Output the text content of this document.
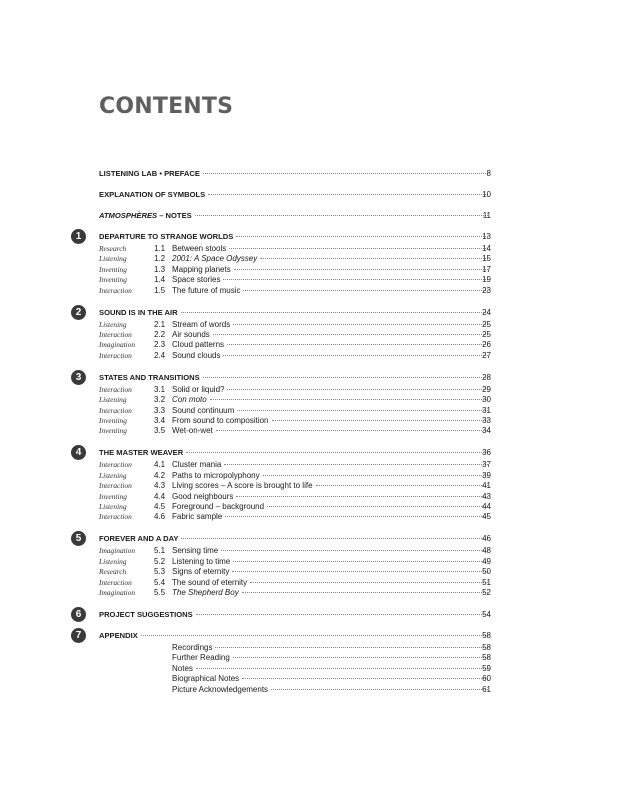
CONTENTS
LISTENING LAB • PREFACE	8
EXPLANATION OF SYMBOLS	10
ATMOSPHÈRES – NOTES	11
1	DEPARTURE TO STRANGE WORLDS	13
Research	1.1 Between stools	14
Listening	1.2 2001: A Space Odyssey	15
Inventing	1.3 Mapping planets	17
Inventing	1.4 Space stories	19
Interaction	1.5 The future of music	23
2	SOUND IS IN THE AIR	24
Listening	2.1 Stream of words	25
Interaction	2.2 Air sounds	25
Imagination 2.3 Cloud patterns	26
Interaction	2.4 Sound clouds	27
3	STATES AND TRANSITIONS	28
Interaction	3.1 Solid or liquid?	29
Listening	3.2 Con moto	30
Interaction	3.3 Sound continuum	31
Inventing	3.4 From sound to composition	33
Inventing	3.5 Wet-on-wet	34
4	THE MASTER WEAVER	36
Interaction	4.1 Cluster mania	37
Listening	4.2 Paths to micropolyphony	39
Interaction	4.3 Living scores – A score is brought to life	41
Inventing	4.4 Good neighbours	43
Listening	4.5 Foreground – background	44
Interaction	4.6 Fabric sample	45
5	FOREVER AND A DAY	46
Imagination 5.1 Sensing time	48
Listening	5.2 Listening to time	49
Research	5.3 Signs of eternity	50
Interaction	5.4 The sound of eternity	51
Imagination 5.5 The Shepherd Boy	52
6	PROJECT SUGGESTIONS	54
7	APPENDIX	58
Recordings	58
Further Reading	58
Notes	59
Biographical Notes	60
Picture Acknowledgements	61
